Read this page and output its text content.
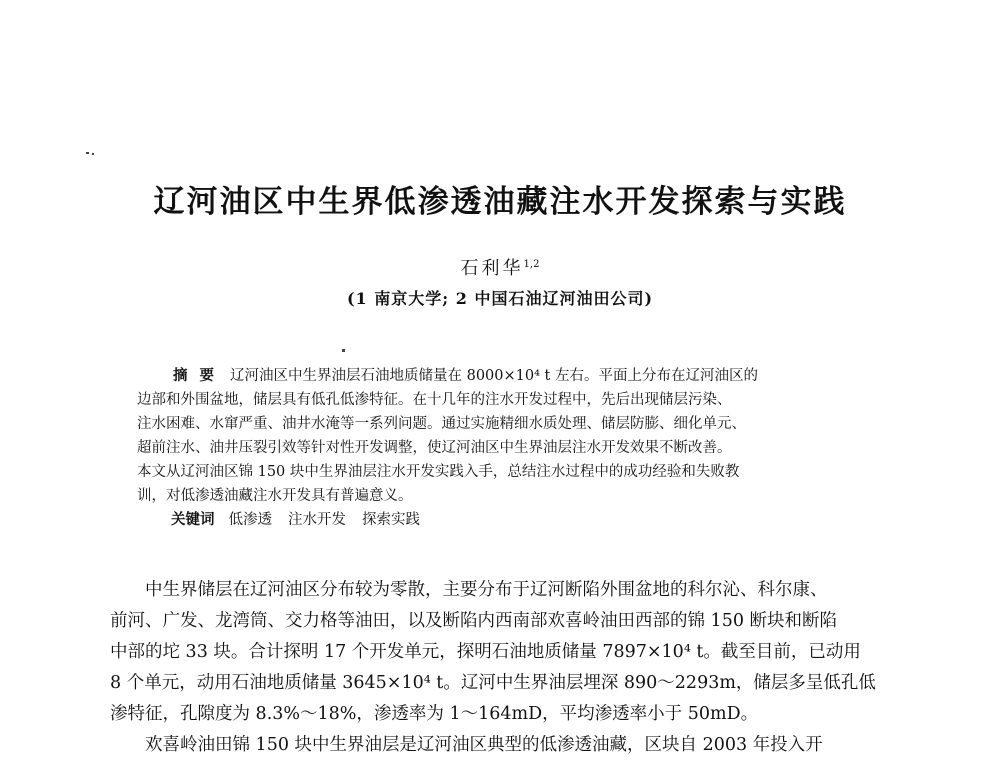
辽河油区中生界低渗透油藏注水开发探索与实践
石利华$^{1,2}$
(1 南京大学; 2 中国石油辽河油田公司)
摘要 辽河油区中生界油层石油地质储量在 8000×10⁴ t 左右。平面上分布在辽河油区的
边部和外围盆地，储层具有低孔低渗特征。在十几年的注水开发过程中，先后出现储层污染、
注水困难、水窜严重、油井水淹等一系列问题。通过实施精细水质处理、储层防膨、细化单元、
超前注水、油井压裂引效等针对性开发调整，使辽河油区中生界油层注水开发效果不断改善。
本文从辽河油区锦 150 块中生界油层注水开发实践入手，总结注水过程中的成功经验和失败教
训，对低渗透油藏注水开发具有普遍意义。
关键词 低渗透 注水开发 探索实践
中生界储层在辽河油区分布较为零散，主要分布于辽河断陷外围盆地的科尔沁、科尔康、
前河、广发、龙湾筒、交力格等油田，以及断陷内西南部欢喜岭油田西部的锦 150 断块和断陷
中部的坨 33 块。合计探明 17 个开发单元，探明石油地质储量 7897×10⁴ t。截至目前，已动用
8 个单元，动用石油地质储量 3645×10⁴ t。辽河中生界油层埋深 890～2293m，储层多呈低孔低
渗特征，孔隙度为 8.3%～18%，渗透率为 1～164mD，平均渗透率小于 50mD。
欢喜岭油田锦 150 块中生界油层是辽河油区典型的低渗透油藏，区块自 2003 年投入开
